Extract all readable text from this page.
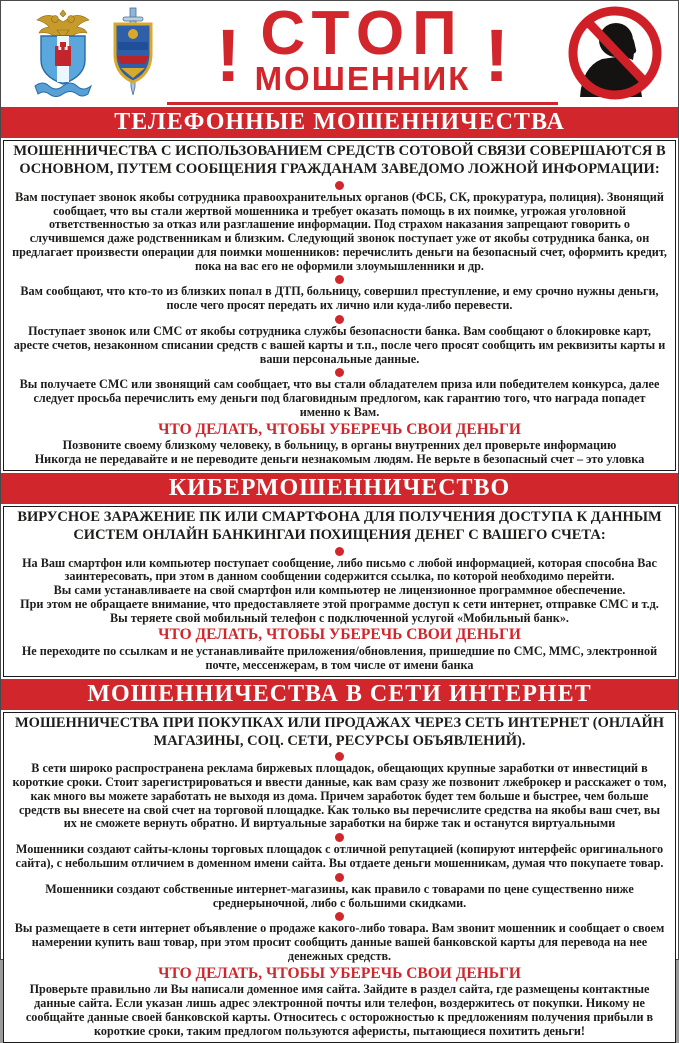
! СТОП
МОШЕННИК !
ТЕЛЕФОННЫЕ МОШЕННИЧЕСТВА
МОШЕННИЧЕСТВА С ИСПОЛЬЗОВАНИЕМ СРЕДСТВ СОТОВОЙ СВЯЗИ СОВЕРШАЮТСЯ В ОСНОВНОМ, ПУТЕМ СООБЩЕНИЯ ГРАЖДАНАМ ЗАВЕДОМО ЛОЖНОЙ ИНФОРМАЦИИ:
Вам поступает звонок якобы сотрудника правоохранительных органов (ФСБ, СК, прокуратура, полиция). Звонящий сообщает, что вы стали жертвой мошенника и требует оказать помощь в их поимке, угрожая уголовной ответственностью за отказ или разглашение информации. Под страхом наказания запрещают говорить о случившемся даже родственникам и близким. Следующий звонок поступает уже от якобы сотрудника банка, он предлагает произвести операции для поимки мошенников: перечислить деньги на безопасный счет, оформить кредит, пока на вас его не оформили злоумышленники и др.
Вам сообщают, что кто-то из близких попал в ДТП, больницу, совершил преступление, и ему срочно нужны деньги, после чего просят передать их лично или куда-либо перевести.
Поступает звонок или СМС от якобы сотрудника службы безопасности банка. Вам сообщают о блокировке карт, аресте счетов, незаконном списании средств с вашей карты и т.п., после чего просят сообщить им реквизиты карты и ваши персональные данные.
Вы получаете СМС или звонящий сам сообщает, что вы стали обладателем приза или победителем конкурса, далее следует просьба перечислить ему деньги под благовидным предлогом, как гарантию того, что награда попадет именно к Вам.
ЧТО ДЕЛАТЬ, ЧТОБЫ УБЕРЕЧЬ СВОИ ДЕНЬГИ
Позвоните своему близкому человеку, в больницу, в органы внутренних дел проверьте информацию
Никогда не передавайте и не переводите деньги незнакомым людям. Не верьте в безопасный счет – это уловка
КИБЕРМОШЕННИЧЕСТВО
ВИРУСНОЕ ЗАРАЖЕНИЕ ПК ИЛИ СМАРТФОНА ДЛЯ ПОЛУЧЕНИЯ ДОСТУПА К ДАННЫМ СИСТЕМ ОНЛАЙН БАНКИНГАИ ПОХИЩЕНИЯ ДЕНЕГ С ВАШЕГО СЧЕТА:
На Ваш смартфон или компьютер поступает сообщение, либо письмо с любой информацией, которая способна Вас заинтересовать, при этом в данном сообщении содержится ссылка, по которой необходимо перейти.
Вы сами устанавливаете на свой смартфон или компьютер не лицензионное программное обеспечение.
При этом не обращаете внимание, что предоставляете этой программе доступ к сети интернет, отправке СМС и т.д.
Вы теряете свой мобильный телефон с подключенной услугой «Мобильный банк».
ЧТО ДЕЛАТЬ, ЧТОБЫ УБЕРЕЧЬ СВОИ ДЕНЬГИ
Не переходите по ссылкам и не устанавливайте приложения/обновления, пришедшие по СМС, ММС, электронной почте, мессенжерам, в том числе от имени банка
МОШЕННИЧЕСТВА В СЕТИ ИНТЕРНЕТ
МОШЕННИЧЕСТВА ПРИ ПОКУПКАХ ИЛИ ПРОДАЖАХ ЧЕРЕЗ СЕТЬ ИНТЕРНЕТ (ОНЛАЙН МАГАЗИНЫ, СОЦ. СЕТИ, РЕСУРСЫ ОБЪЯВЛЕНИЙ).
В сети широко распространена реклама биржевых площадок, обещающих крупные заработки от инвестиций в короткие сроки. Стоит зарегистрироваться и ввести данные, как вам сразу же позвонит лжеброкер и расскажет о том, как много вы можете заработать не выходя из дома. Причем заработок будет тем больше и быстрее, чем больше средств вы внесете на свой счет на торговой площадке. Как только вы перечислите средства на якобы ваш счет, вы их не сможете вернуть обратно. И виртуальные заработки на бирже так и останутся виртуальными
Мошенники создают сайты-клоны торговых площадок с отличной репутацией (копируют интерфейс оригинального сайта), с небольшим отличием в доменном имени сайта. Вы отдаете деньги мошенникам, думая что покупаете товар.
Мошенники создают собственные интернет-магазины, как правило с товарами по цене существенно ниже среднерыночной, либо с большими скидками.
Вы размещаете в сети интернет объявление о продаже какого-либо товара. Вам звонит мошенник и сообщает о своем намерении купить ваш товар, при этом просит сообщить данные вашей банковской карты для перевода на нее денежных средств.
ЧТО ДЕЛАТЬ, ЧТОБЫ УБЕРЕЧЬ СВОИ ДЕНЬГИ
Проверьте правильно ли Вы написали доменное имя сайта. Зайдите в раздел сайта, где размещены контактные данные сайта. Если указан лишь адрес электронной почты или телефон, воздержитесь от покупки. Никому не сообщайте данные своей банковской карты. Относитесь с осторожностью к предложениям получения прибыли в короткие сроки, таким предлогом пользуются аферисты, пытающиеся похитить деньги!
